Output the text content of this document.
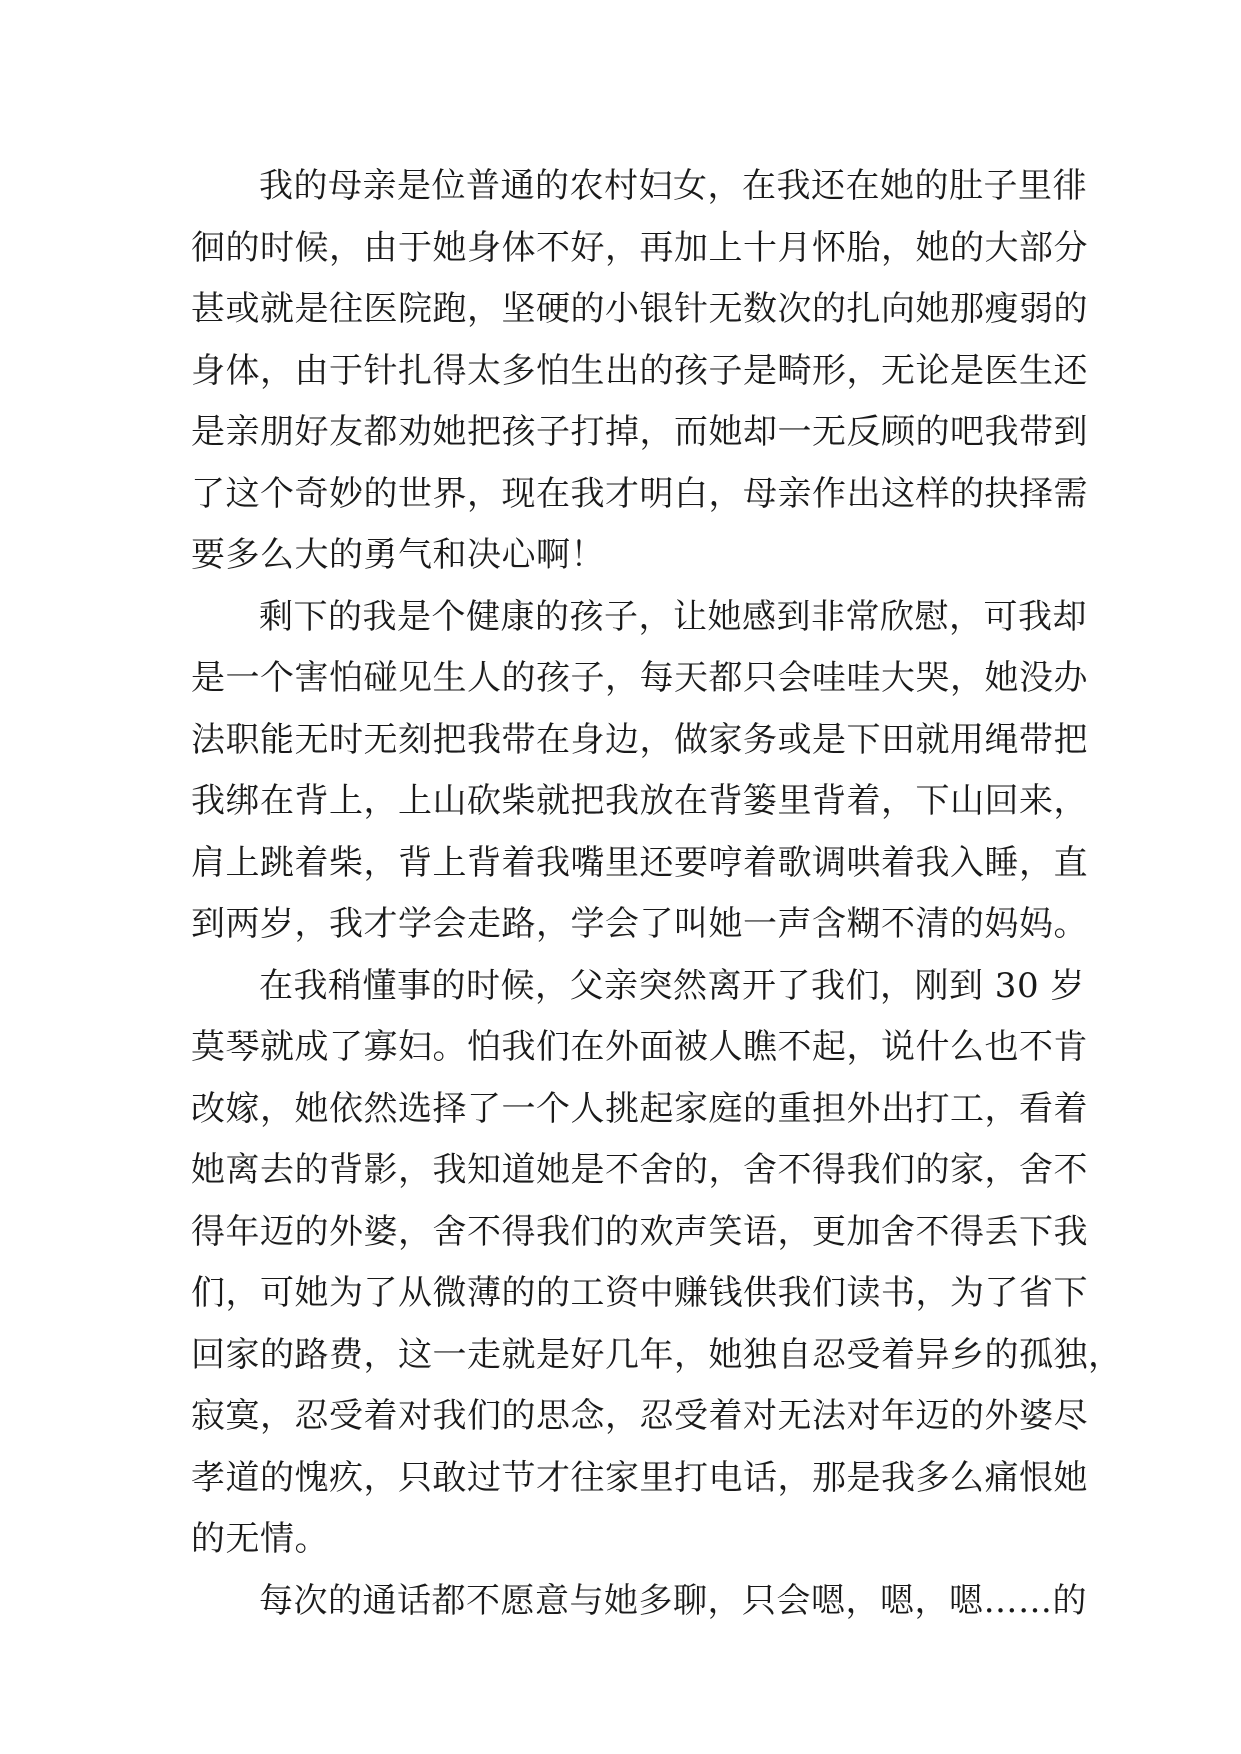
我的母亲是位普通的农村妇女，在我还在她的肚子里徘
徊的时候，由于她身体不好，再加上十月怀胎，她的大部分
甚或就是往医院跑，坚硬的小银针无数次的扎向她那瘦弱的
身体，由于针扎得太多怕生出的孩子是畸形，无论是医生还
是亲朋好友都劝她把孩子打掉，而她却一无反顾的吧我带到
了这个奇妙的世界，现在我才明白，母亲作出这样的抉择需
要多么大的勇气和决心啊！
剩下的我是个健康的孩子，让她感到非常欣慰，可我却
是一个害怕碰见生人的孩子，每天都只会哇哇大哭，她没办
法职能无时无刻把我带在身边，做家务或是下田就用绳带把
我绑在背上，上山砍柴就把我放在背篓里背着，下山回来，
肩上跳着柴，背上背着我嘴里还要哼着歌调哄着我入睡，直
到两岁，我才学会走路，学会了叫她一声含糊不清的妈妈。
在我稍懂事的时候，父亲突然离开了我们，刚到 30 岁
莫琴就成了寡妇。怕我们在外面被人瞧不起，说什么也不肯
改嫁，她依然选择了一个人挑起家庭的重担外出打工，看着
她离去的背影，我知道她是不舍的，舍不得我们的家，舍不
得年迈的外婆，舍不得我们的欢声笑语，更加舍不得丢下我
们，可她为了从微薄的的工资中赚钱供我们读书，为了省下
回家的路费，这一走就是好几年，她独自忍受着异乡的孤独，
寂寞，忍受着对我们的思念，忍受着对无法对年迈的外婆尽
孝道的愧疚，只敢过节才往家里打电话，那是我多么痛恨她
的无情。
每次的通话都不愿意与她多聊，只会嗯，嗯，嗯……的
